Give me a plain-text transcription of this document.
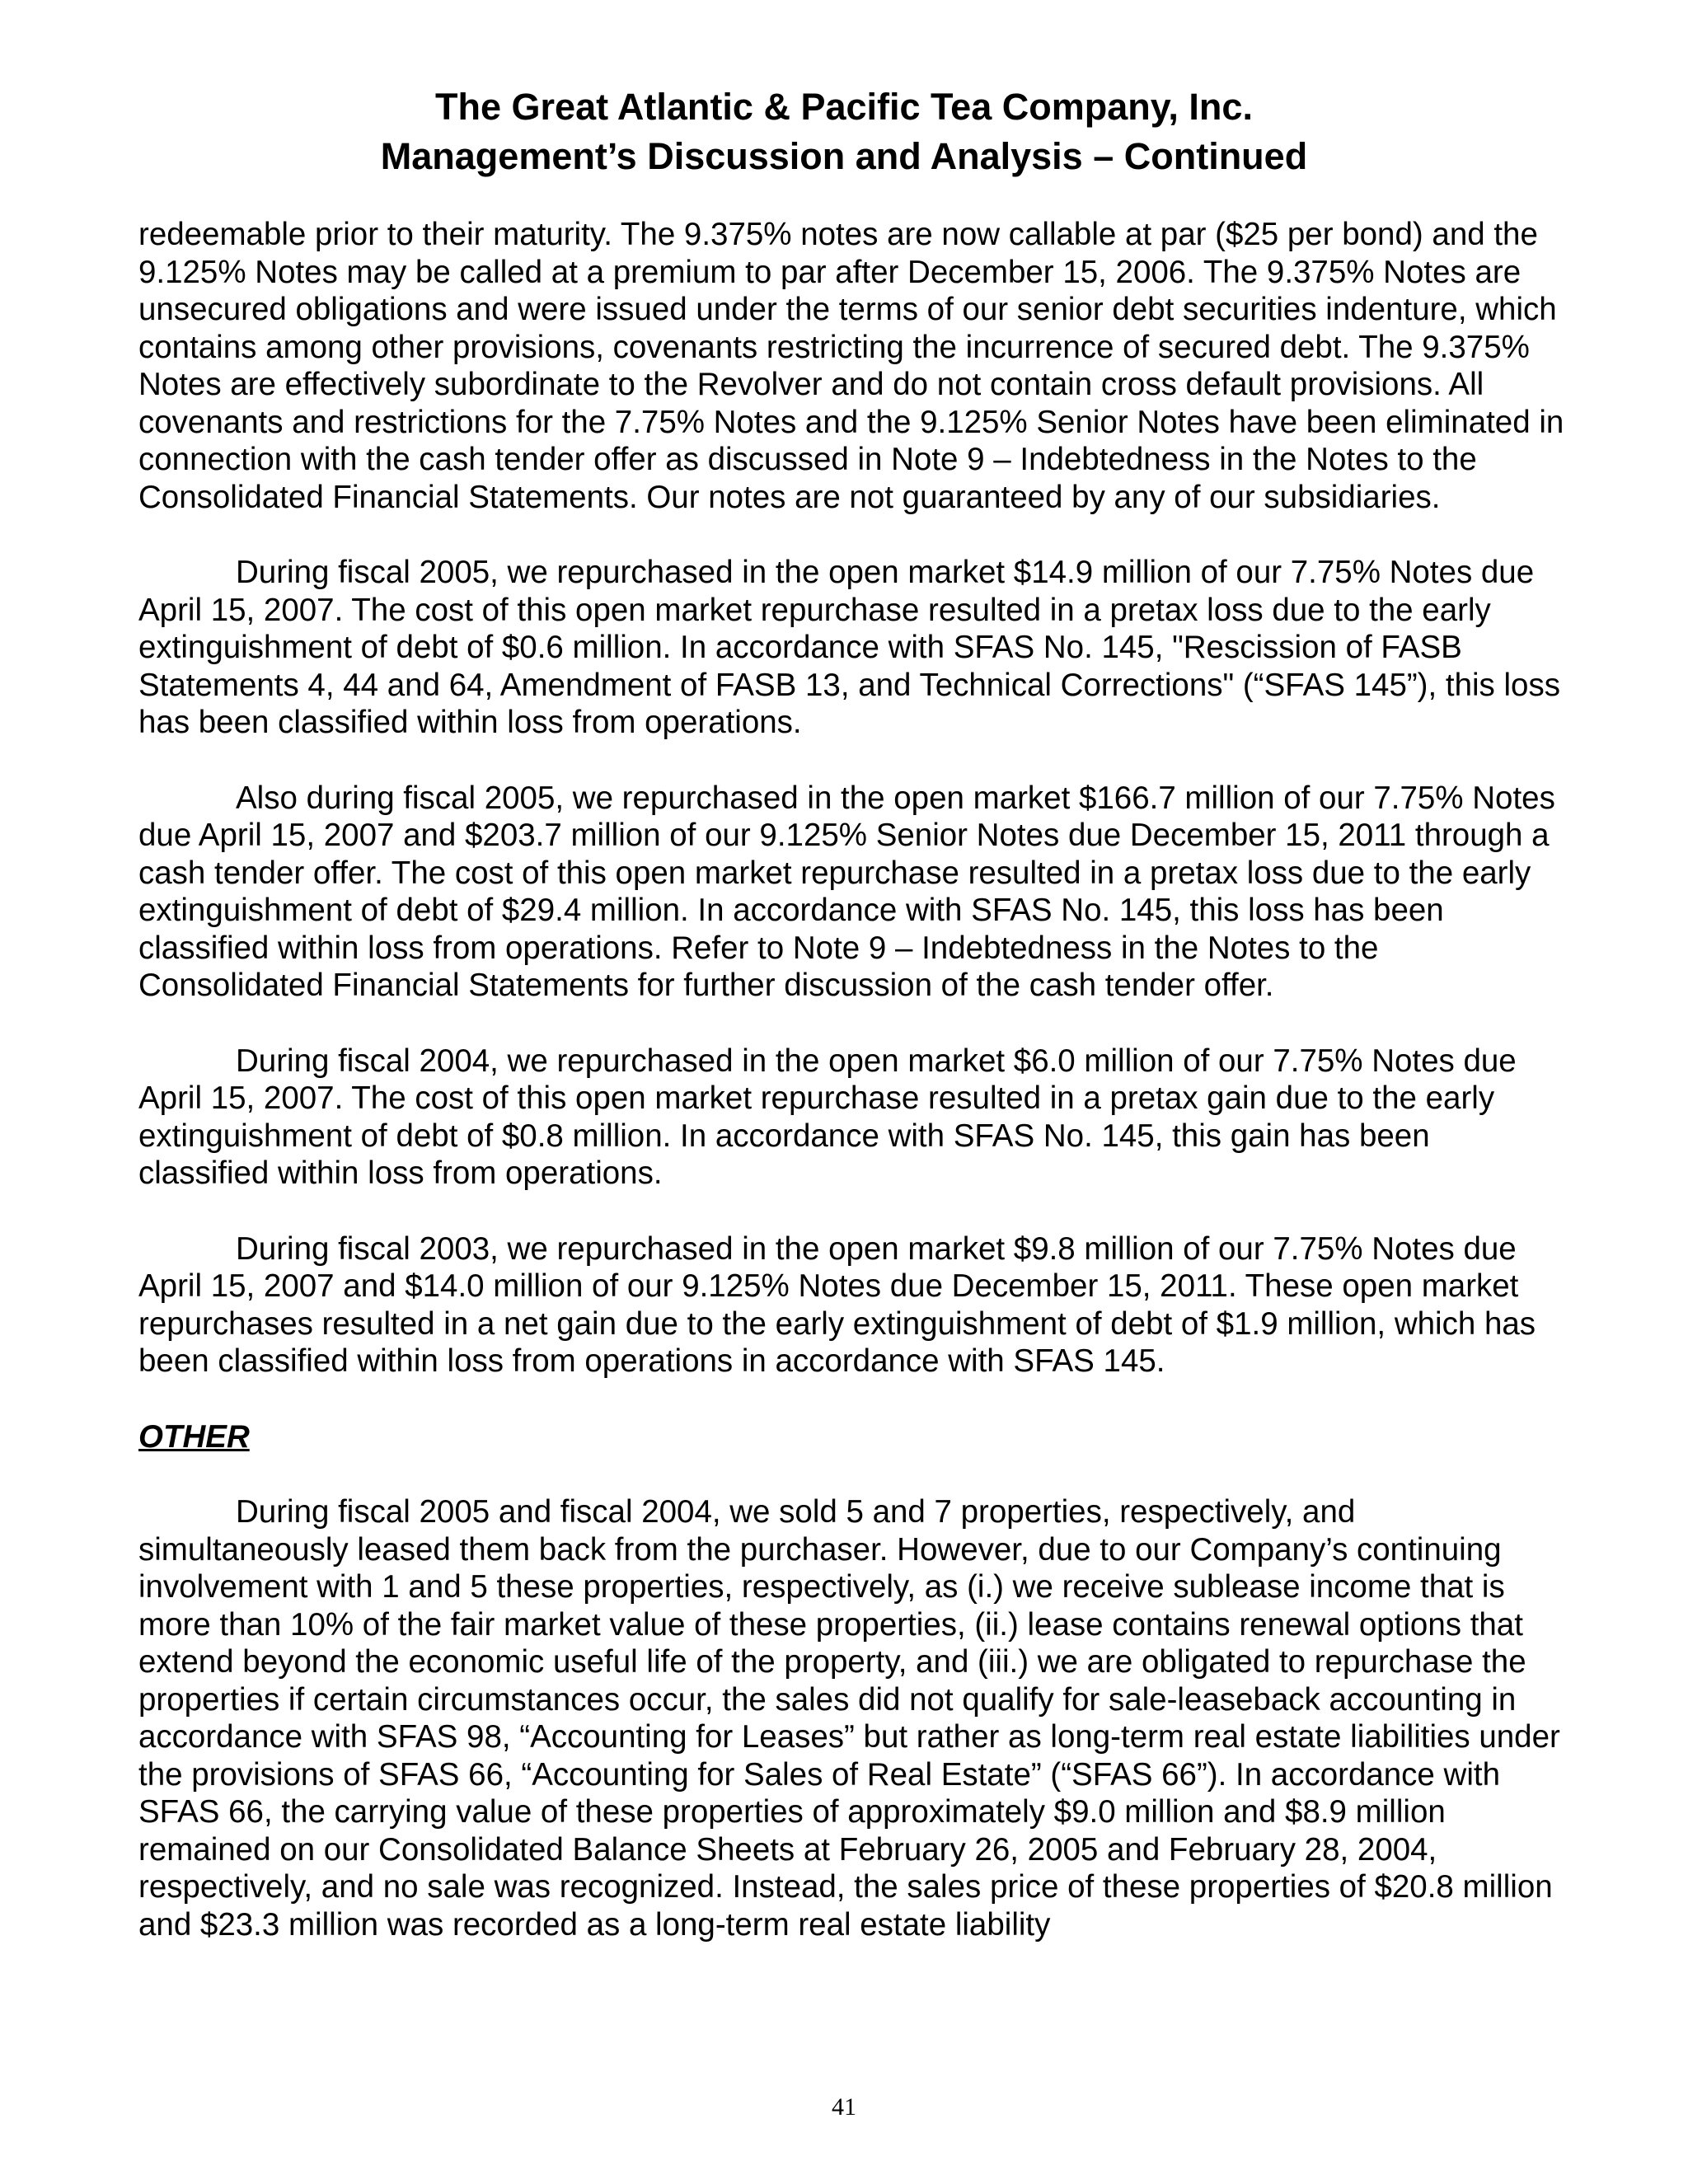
The Great Atlantic & Pacific Tea Company, Inc.
Management’s Discussion and Analysis – Continued

redeemable prior to their maturity. The 9.375% notes are now callable at par ($25 per bond) and the 9.125% Notes may be called at a premium to par after December 15, 2006. The 9.375% Notes are unsecured obligations and were issued under the terms of our senior debt securities indenture, which contains among other provisions, covenants restricting the incurrence of secured debt. The 9.375% Notes are effectively subordinate to the Revolver and do not contain cross default provisions. All covenants and restrictions for the 7.75% Notes and the 9.125% Senior Notes have been eliminated in connection with the cash tender offer as discussed in Note 9 – Indebtedness in the Notes to the Consolidated Financial Statements. Our notes are not guaranteed by any of our subsidiaries.

During fiscal 2005, we repurchased in the open market $14.9 million of our 7.75% Notes due April 15, 2007. The cost of this open market repurchase resulted in a pretax loss due to the early extinguishment of debt of $0.6 million. In accordance with SFAS No. 145, "Rescission of FASB Statements 4, 44 and 64, Amendment of FASB 13, and Technical Corrections" (“SFAS 145”), this loss has been classified within loss from operations.

Also during fiscal 2005, we repurchased in the open market $166.7 million of our 7.75% Notes due April 15, 2007 and $203.7 million of our 9.125% Senior Notes due December 15, 2011 through a cash tender offer. The cost of this open market repurchase resulted in a pretax loss due to the early extinguishment of debt of $29.4 million. In accordance with SFAS No. 145, this loss has been classified within loss from operations. Refer to Note 9 – Indebtedness in the Notes to the Consolidated Financial Statements for further discussion of the cash tender offer.

During fiscal 2004, we repurchased in the open market $6.0 million of our 7.75% Notes due April 15, 2007. The cost of this open market repurchase resulted in a pretax gain due to the early extinguishment of debt of $0.8 million. In accordance with SFAS No. 145, this gain has been classified within loss from operations.

During fiscal 2003, we repurchased in the open market $9.8 million of our 7.75% Notes due April 15, 2007 and $14.0 million of our 9.125% Notes due December 15, 2011. These open market repurchases resulted in a net gain due to the early extinguishment of debt of $1.9 million, which has been classified within loss from operations in accordance with SFAS 145.

OTHER

During fiscal 2005 and fiscal 2004, we sold 5 and 7 properties, respectively, and simultaneously leased them back from the purchaser. However, due to our Company’s continuing involvement with 1 and 5 these properties, respectively, as (i.) we receive sublease income that is more than 10% of the fair market value of these properties, (ii.) lease contains renewal options that extend beyond the economic useful life of the property, and (iii.) we are obligated to repurchase the properties if certain circumstances occur, the sales did not qualify for sale-leaseback accounting in accordance with SFAS 98, “Accounting for Leases” but rather as long-term real estate liabilities under the provisions of SFAS 66, “Accounting for Sales of Real Estate” (“SFAS 66”). In accordance with SFAS 66, the carrying value of these properties of approximately $9.0 million and $8.9 million remained on our Consolidated Balance Sheets at February 26, 2005 and February 28, 2004, respectively, and no sale was recognized. Instead, the sales price of these properties of $20.8 million and $23.3 million was recorded as a long-term real estate liability

41
